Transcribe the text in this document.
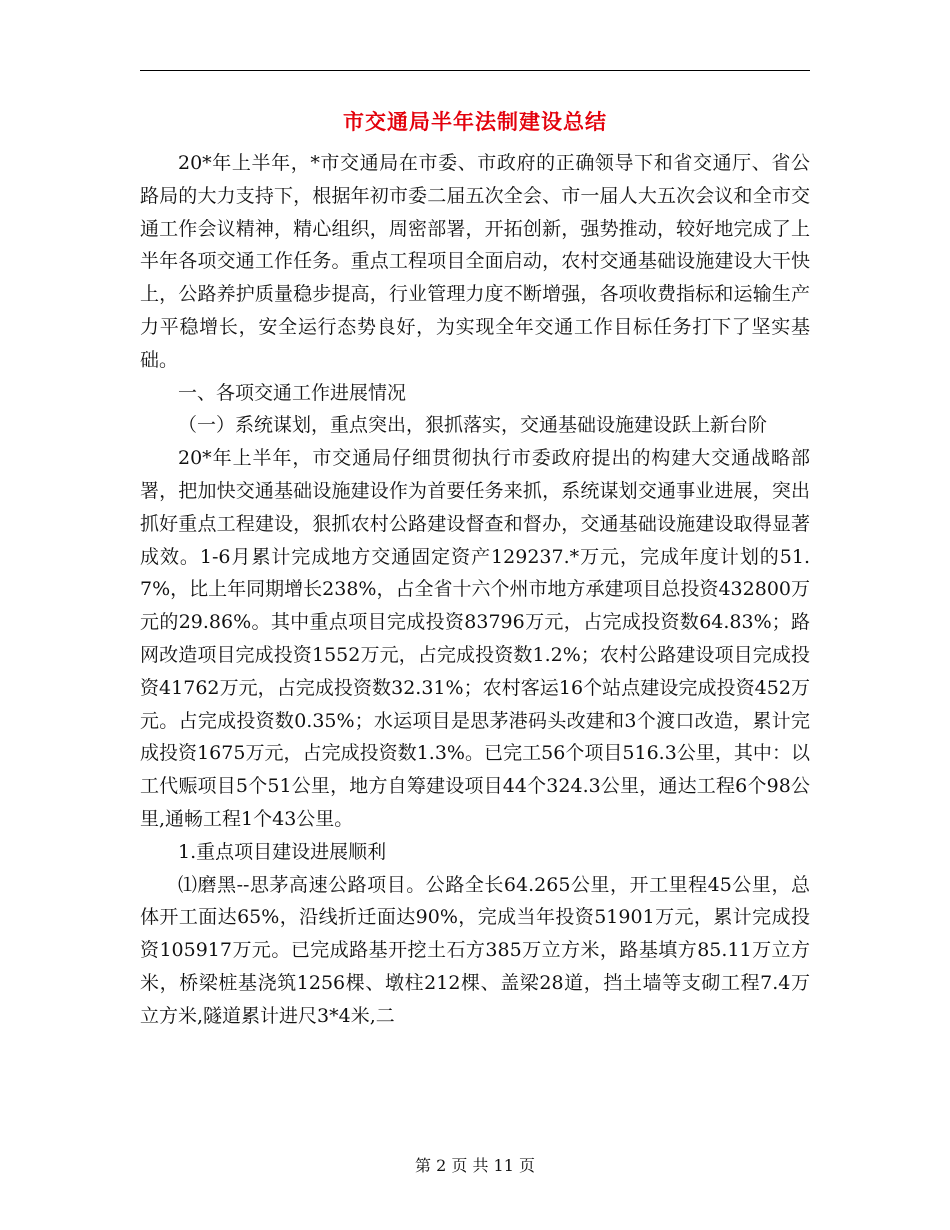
市交通局半年法制建设总结

20*年上半年，*市交通局在市委、市政府的正确领导下和省交通厅、省公路局的大力支持下，根据年初市委二届五次全会、市一届人大五次会议和全市交通工作会议精神，精心组织，周密部署，开拓创新，强势推动，较好地完成了上半年各项交通工作任务。重点工程项目全面启动，农村交通基础设施建设大干快上，公路养护质量稳步提高，行业管理力度不断增强，各项收费指标和运输生产力平稳增长，安全运行态势良好，为实现全年交通工作目标任务打下了坚实基础。

一、各项交通工作进展情况

（一）系统谋划，重点突出，狠抓落实，交通基础设施建设跃上新台阶

20*年上半年，市交通局仔细贯彻执行市委政府提出的构建大交通战略部署，把加快交通基础设施建设作为首要任务来抓，系统谋划交通事业进展，突出抓好重点工程建设，狠抓农村公路建设督查和督办，交通基础设施建设取得显著成效。1-6月累计完成地方交通固定资产129237.*万元，完成年度计划的51.7%，比上年同期增长238%，占全省十六个州市地方承建项目总投资432800万元的29.86%。其中重点项目完成投资83796万元，占完成投资数64.83%；路网改造项目完成投资1552万元，占完成投资数1.2%；农村公路建设项目完成投资41762万元，占完成投资数32.31%；农村客运16个站点建设完成投资452万元。占完成投资数0.35%；水运项目是思茅港码头改建和3个渡口改造，累计完成投资1675万元，占完成投资数1.3%。已完工56个项目516.3公里，其中：以工代赈项目5个51公里，地方自筹建设项目44个324.3公里，通达工程6个98公里,通畅工程1个43公里。

1.重点项目建设进展顺利

⑴磨黑--思茅高速公路项目。公路全长64.265公里，开工里程45公里，总体开工面达65%，沿线折迁面达90%，完成当年投资51901万元，累计完成投资105917万元。已完成路基开挖土石方385万立方米，路基填方85.11万立方米，桥梁桩基浇筑1256棵、墩柱212棵、盖梁28道，挡土墙等支砌工程7.4万立方米,隧道累计进尺3*4米,二

第 2 页 共 11 页
